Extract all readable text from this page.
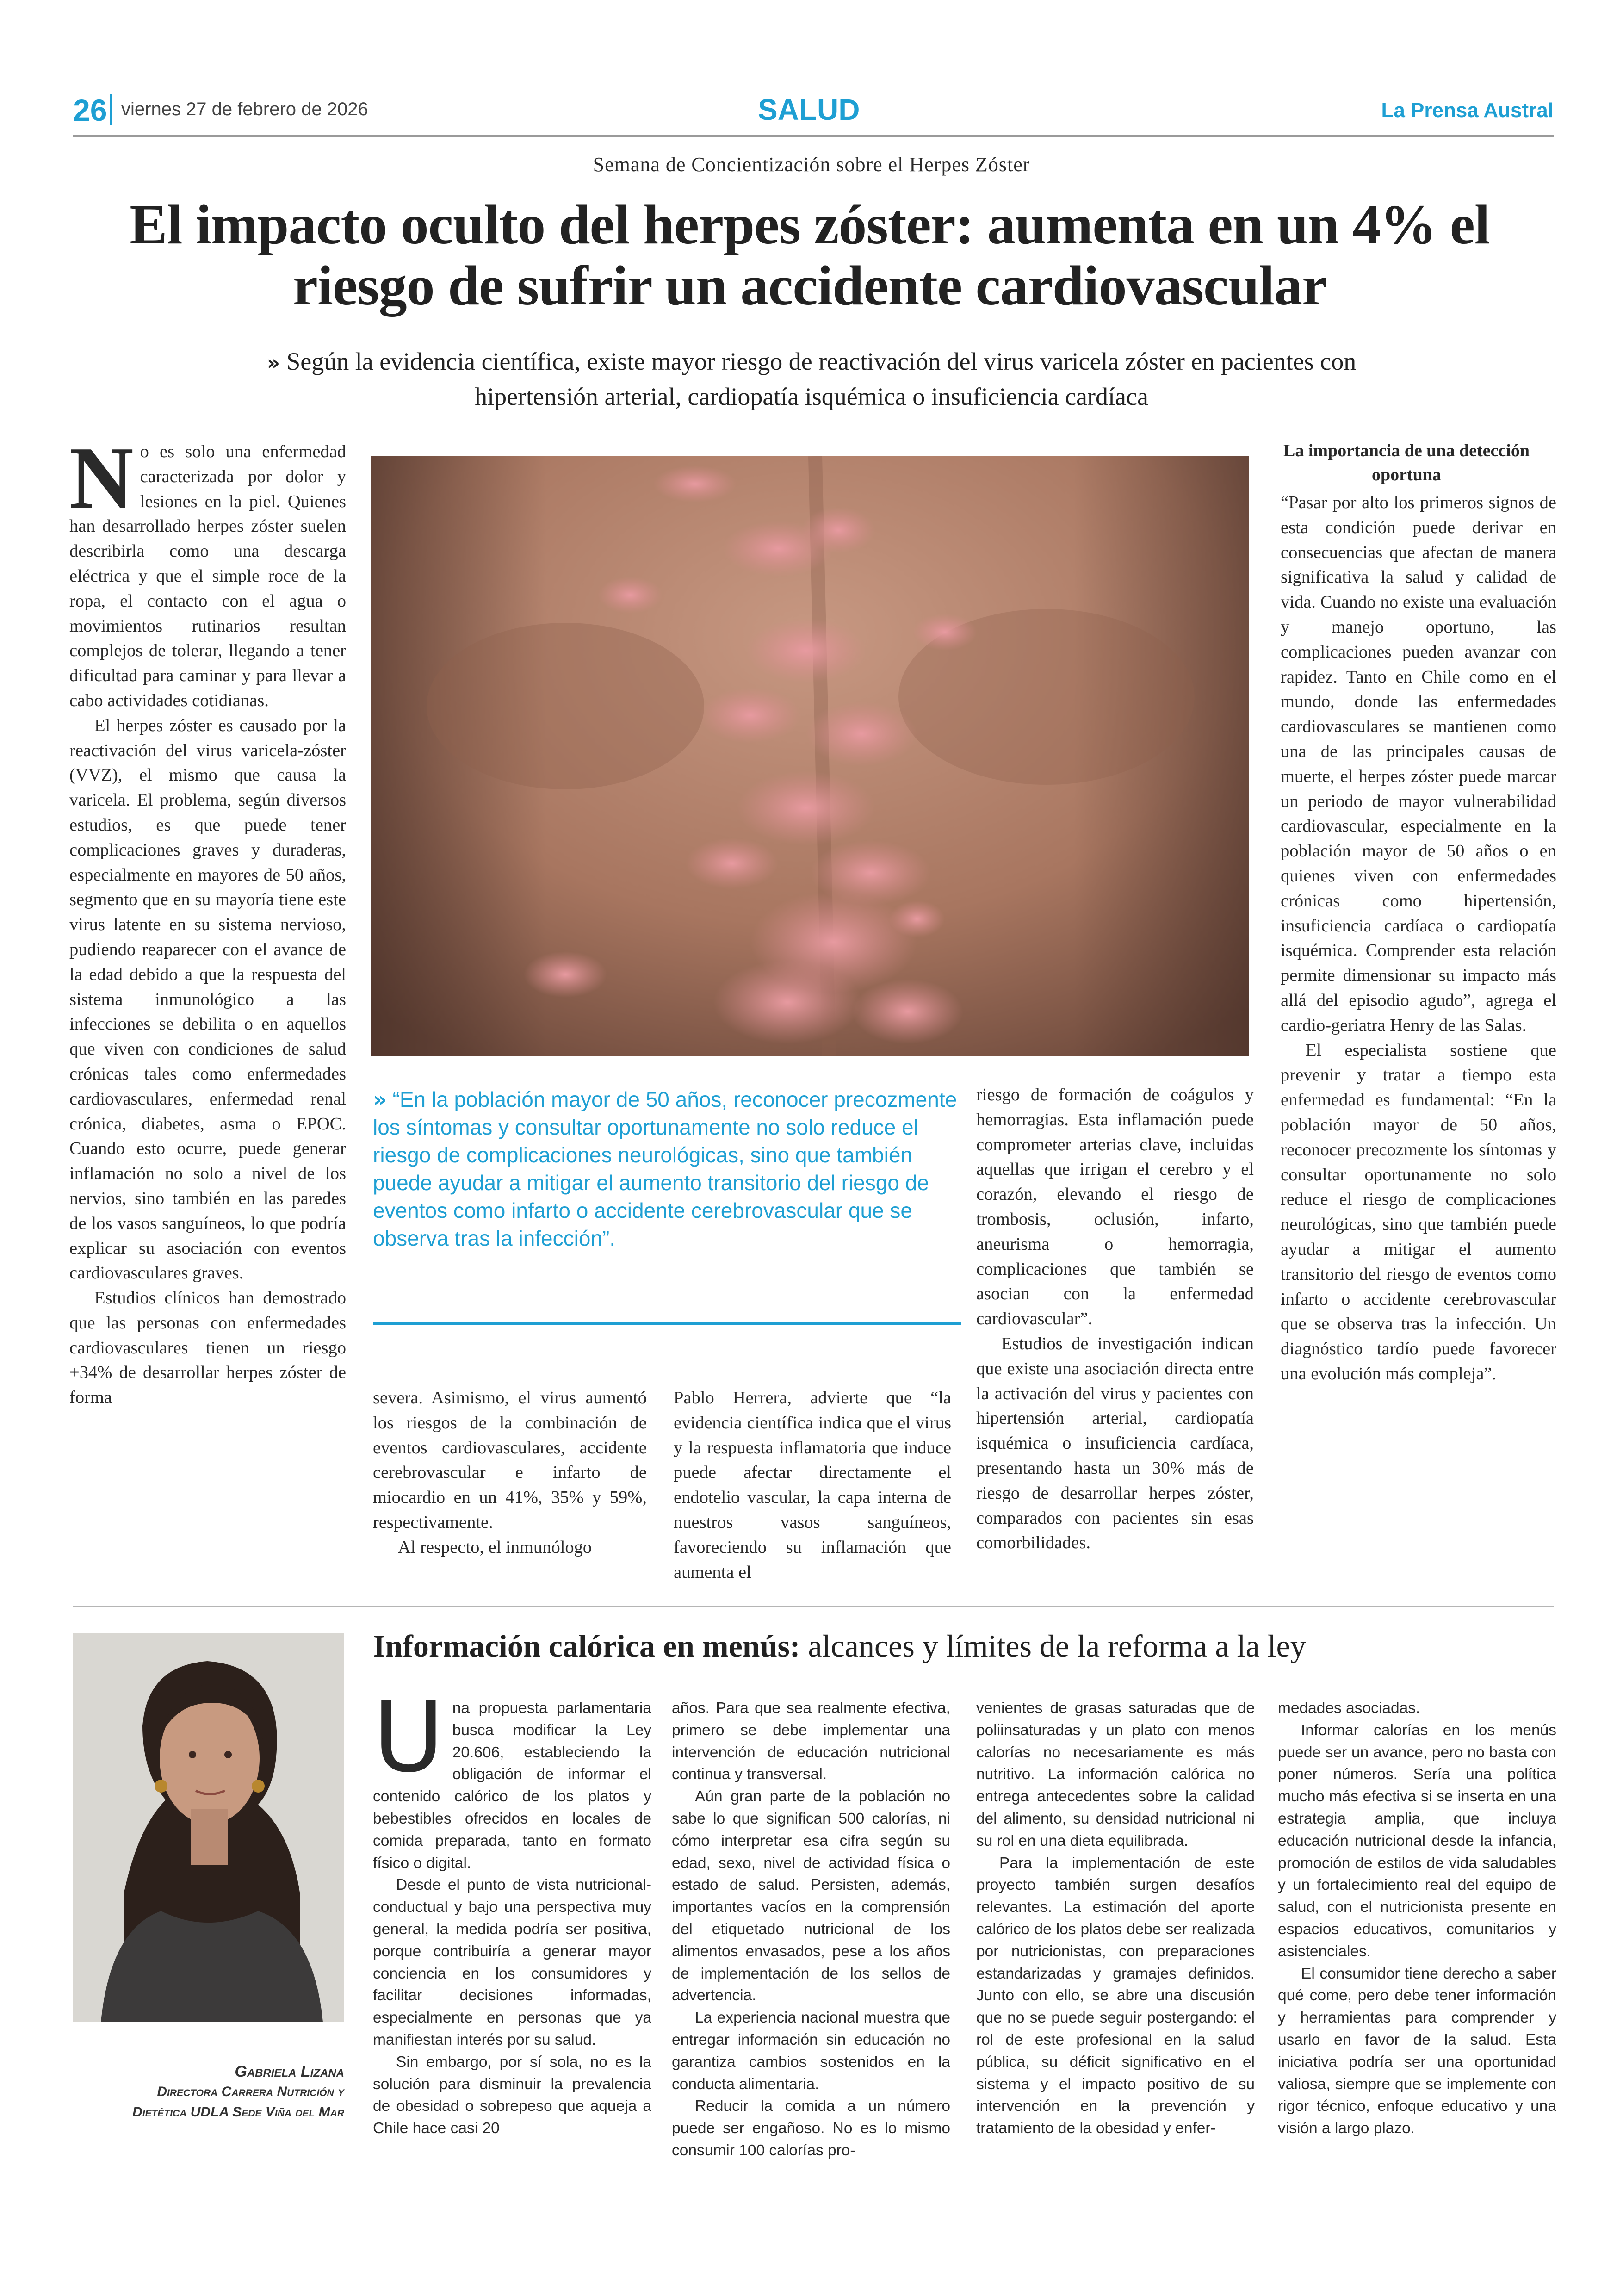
26 viernes 27 de febrero de 2026	SALUD	La Prensa Austral
Semana de Concientización sobre el Herpes Zóster
El impacto oculto del herpes zóster: aumenta en un 4% el riesgo de sufrir un accidente cardiovascular
» Según la evidencia científica, existe mayor riesgo de reactivación del virus varicela zóster en pacientes con hipertensión arterial, cardiopatía isquémica o insuficiencia cardíaca

No es solo una enfermedad caracterizada por dolor y lesiones en la piel. Quienes han desarrollado herpes zóster suelen describirla como una descarga eléctrica y que el simple roce de la ropa, el contacto con el agua o movimientos rutinarios resultan complejos de tolerar, llegando a tener dificultad para caminar y para llevar a cabo actividades cotidianas.

El herpes zóster es causado por la reactivación del virus varicela-zóster (VVZ), el mismo que causa la varicela. El problema, según diversos estudios, es que puede tener complicaciones graves y duraderas, especialmente en mayores de 50 años, segmento que en su mayoría tiene este virus latente en su sistema nervioso, pudiendo reaparecer con el avance de la edad debido a que la respuesta del sistema inmunológico a las infecciones se debilita o en aquellos que viven con condiciones de salud crónicas tales como enfermedades cardiovasculares, enfermedad renal crónica, diabetes, asma o EPOC. Cuando esto ocurre, puede generar inflamación no solo a nivel de los nervios, sino también en las paredes de los vasos sanguíneos, lo que podría explicar su asociación con eventos cardiovasculares graves.

Estudios clínicos han demostrado que las personas con enfermedades cardiovasculares tienen un riesgo +34% de desarrollar herpes zóster de forma

» “En la población mayor de 50 años, reconocer precozmente los síntomas y consultar oportunamente no solo reduce el riesgo de complicaciones neurológicas, sino que también puede ayudar a mitigar el aumento transitorio del riesgo de eventos como infarto o accidente cerebrovascular que se observa tras la infección”.

severa. Asimismo, el virus aumentó los riesgos de la combinación de eventos cardiovasculares, accidente cerebrovascular e infarto de miocardio en un 41%, 35% y 59%, respectivamente.

Al respecto, el inmunólogo

Pablo Herrera, advierte que “la evidencia científica indica que el virus y la respuesta inflamatoria que induce puede afectar directamente el endotelio vascular, la capa interna de nuestros vasos sanguíneos, favoreciendo su inflamación que aumenta el

riesgo de formación de coágulos y hemorragias. Esta inflamación puede comprometer arterias clave, incluidas aquellas que irrigan el cerebro y el corazón, elevando el riesgo de trombosis, oclusión, infarto, aneurisma o hemorragia, complicaciones que también se asocian con la enfermedad cardiovascular”.

Estudios de investigación indican que existe una asociación directa entre la activación del virus y pacientes con hipertensión arterial, cardiopatía isquémica o insuficiencia cardíaca, presentando hasta un 30% más de riesgo de desarrollar herpes zóster, comparados con pacientes sin esas comorbilidades.

La importancia de una detección oportuna

“Pasar por alto los primeros signos de esta condición puede derivar en consecuencias que afectan de manera significativa la salud y calidad de vida. Cuando no existe una evaluación y manejo oportuno, las complicaciones pueden avanzar con rapidez. Tanto en Chile como en el mundo, donde las enfermedades cardiovasculares se mantienen como una de las principales causas de muerte, el herpes zóster puede marcar un periodo de mayor vulnerabilidad cardiovascular, especialmente en la población mayor de 50 años o en quienes viven con enfermedades crónicas como hipertensión, insuficiencia cardíaca o cardiopatía isquémica. Comprender esta relación permite dimensionar su impacto más allá del episodio agudo”, agrega el cardio-geriatra Henry de las Salas.

El especialista sostiene que prevenir y tratar a tiempo esta enfermedad es fundamental: “En la población mayor de 50 años, reconocer precozmente los síntomas y consultar oportunamente no solo reduce el riesgo de complicaciones neurológicas, sino que también puede ayudar a mitigar el aumento transitorio del riesgo de eventos como infarto o accidente cerebrovascular que se observa tras la infección. Un diagnóstico tardío puede favorecer una evolución más compleja”.

Información calórica en menús: alcances y límites de la reforma a la ley
Gabriela Lizana
Directora Carrera Nutrición y
Dietética UDLA Sede Viña del Mar

Una propuesta parlamentaria busca modificar la Ley 20.606, estableciendo la obligación de informar el contenido calórico de los platos y bebestibles ofrecidos en locales de comida preparada, tanto en formato físico o digital.

Desde el punto de vista nutricional-conductual y bajo una perspectiva muy general, la medida podría ser positiva, porque contribuiría a generar mayor conciencia en los consumidores y facilitar decisiones informadas, especialmente en personas que ya manifiestan interés por su salud.

Sin embargo, por sí sola, no es la solución para disminuir la prevalencia de obesidad o sobrepeso que aqueja a Chile hace casi 20

años. Para que sea realmente efectiva, primero se debe implementar una intervención de educación nutricional continua y transversal.

Aún gran parte de la población no sabe lo que significan 500 calorías, ni cómo interpretar esa cifra según su edad, sexo, nivel de actividad física o estado de salud. Persisten, además, importantes vacíos en la comprensión del etiquetado nutricional de los alimentos envasados, pese a los años de implementación de los sellos de advertencia.

La experiencia nacional muestra que entregar información sin educación no garantiza cambios sostenidos en la conducta alimentaria.

Reducir la comida a un número puede ser engañoso. No es lo mismo consumir 100 calorías pro-

venientes de grasas saturadas que de poliinsaturadas y un plato con menos calorías no necesariamente es más nutritivo. La información calórica no entrega antecedentes sobre la calidad del alimento, su densidad nutricional ni su rol en una dieta equilibrada.

Para la implementación de este proyecto también surgen desafíos relevantes. La estimación del aporte calórico de los platos debe ser realizada por nutricionistas, con preparaciones estandarizadas y gramajes definidos. Junto con ello, se abre una discusión que no se puede seguir postergando: el rol de este profesional en la salud pública, su déficit significativo en el sistema y el impacto positivo de su intervención en la prevención y tratamiento de la obesidad y enfer-

medades asociadas.

Informar calorías en los menús puede ser un avance, pero no basta con poner números. Sería una política mucho más efectiva si se inserta en una estrategia amplia, que incluya educación nutricional desde la infancia, promoción de estilos de vida saludables y un fortalecimiento real del equipo de salud, con el nutricionista presente en espacios educativos, comunitarios y asistenciales.

El consumidor tiene derecho a saber qué come, pero debe tener información y herramientas para comprender y usarlo en favor de la salud. Esta iniciativa podría ser una oportunidad valiosa, siempre que se implemente con rigor técnico, enfoque educativo y una visión a largo plazo.
